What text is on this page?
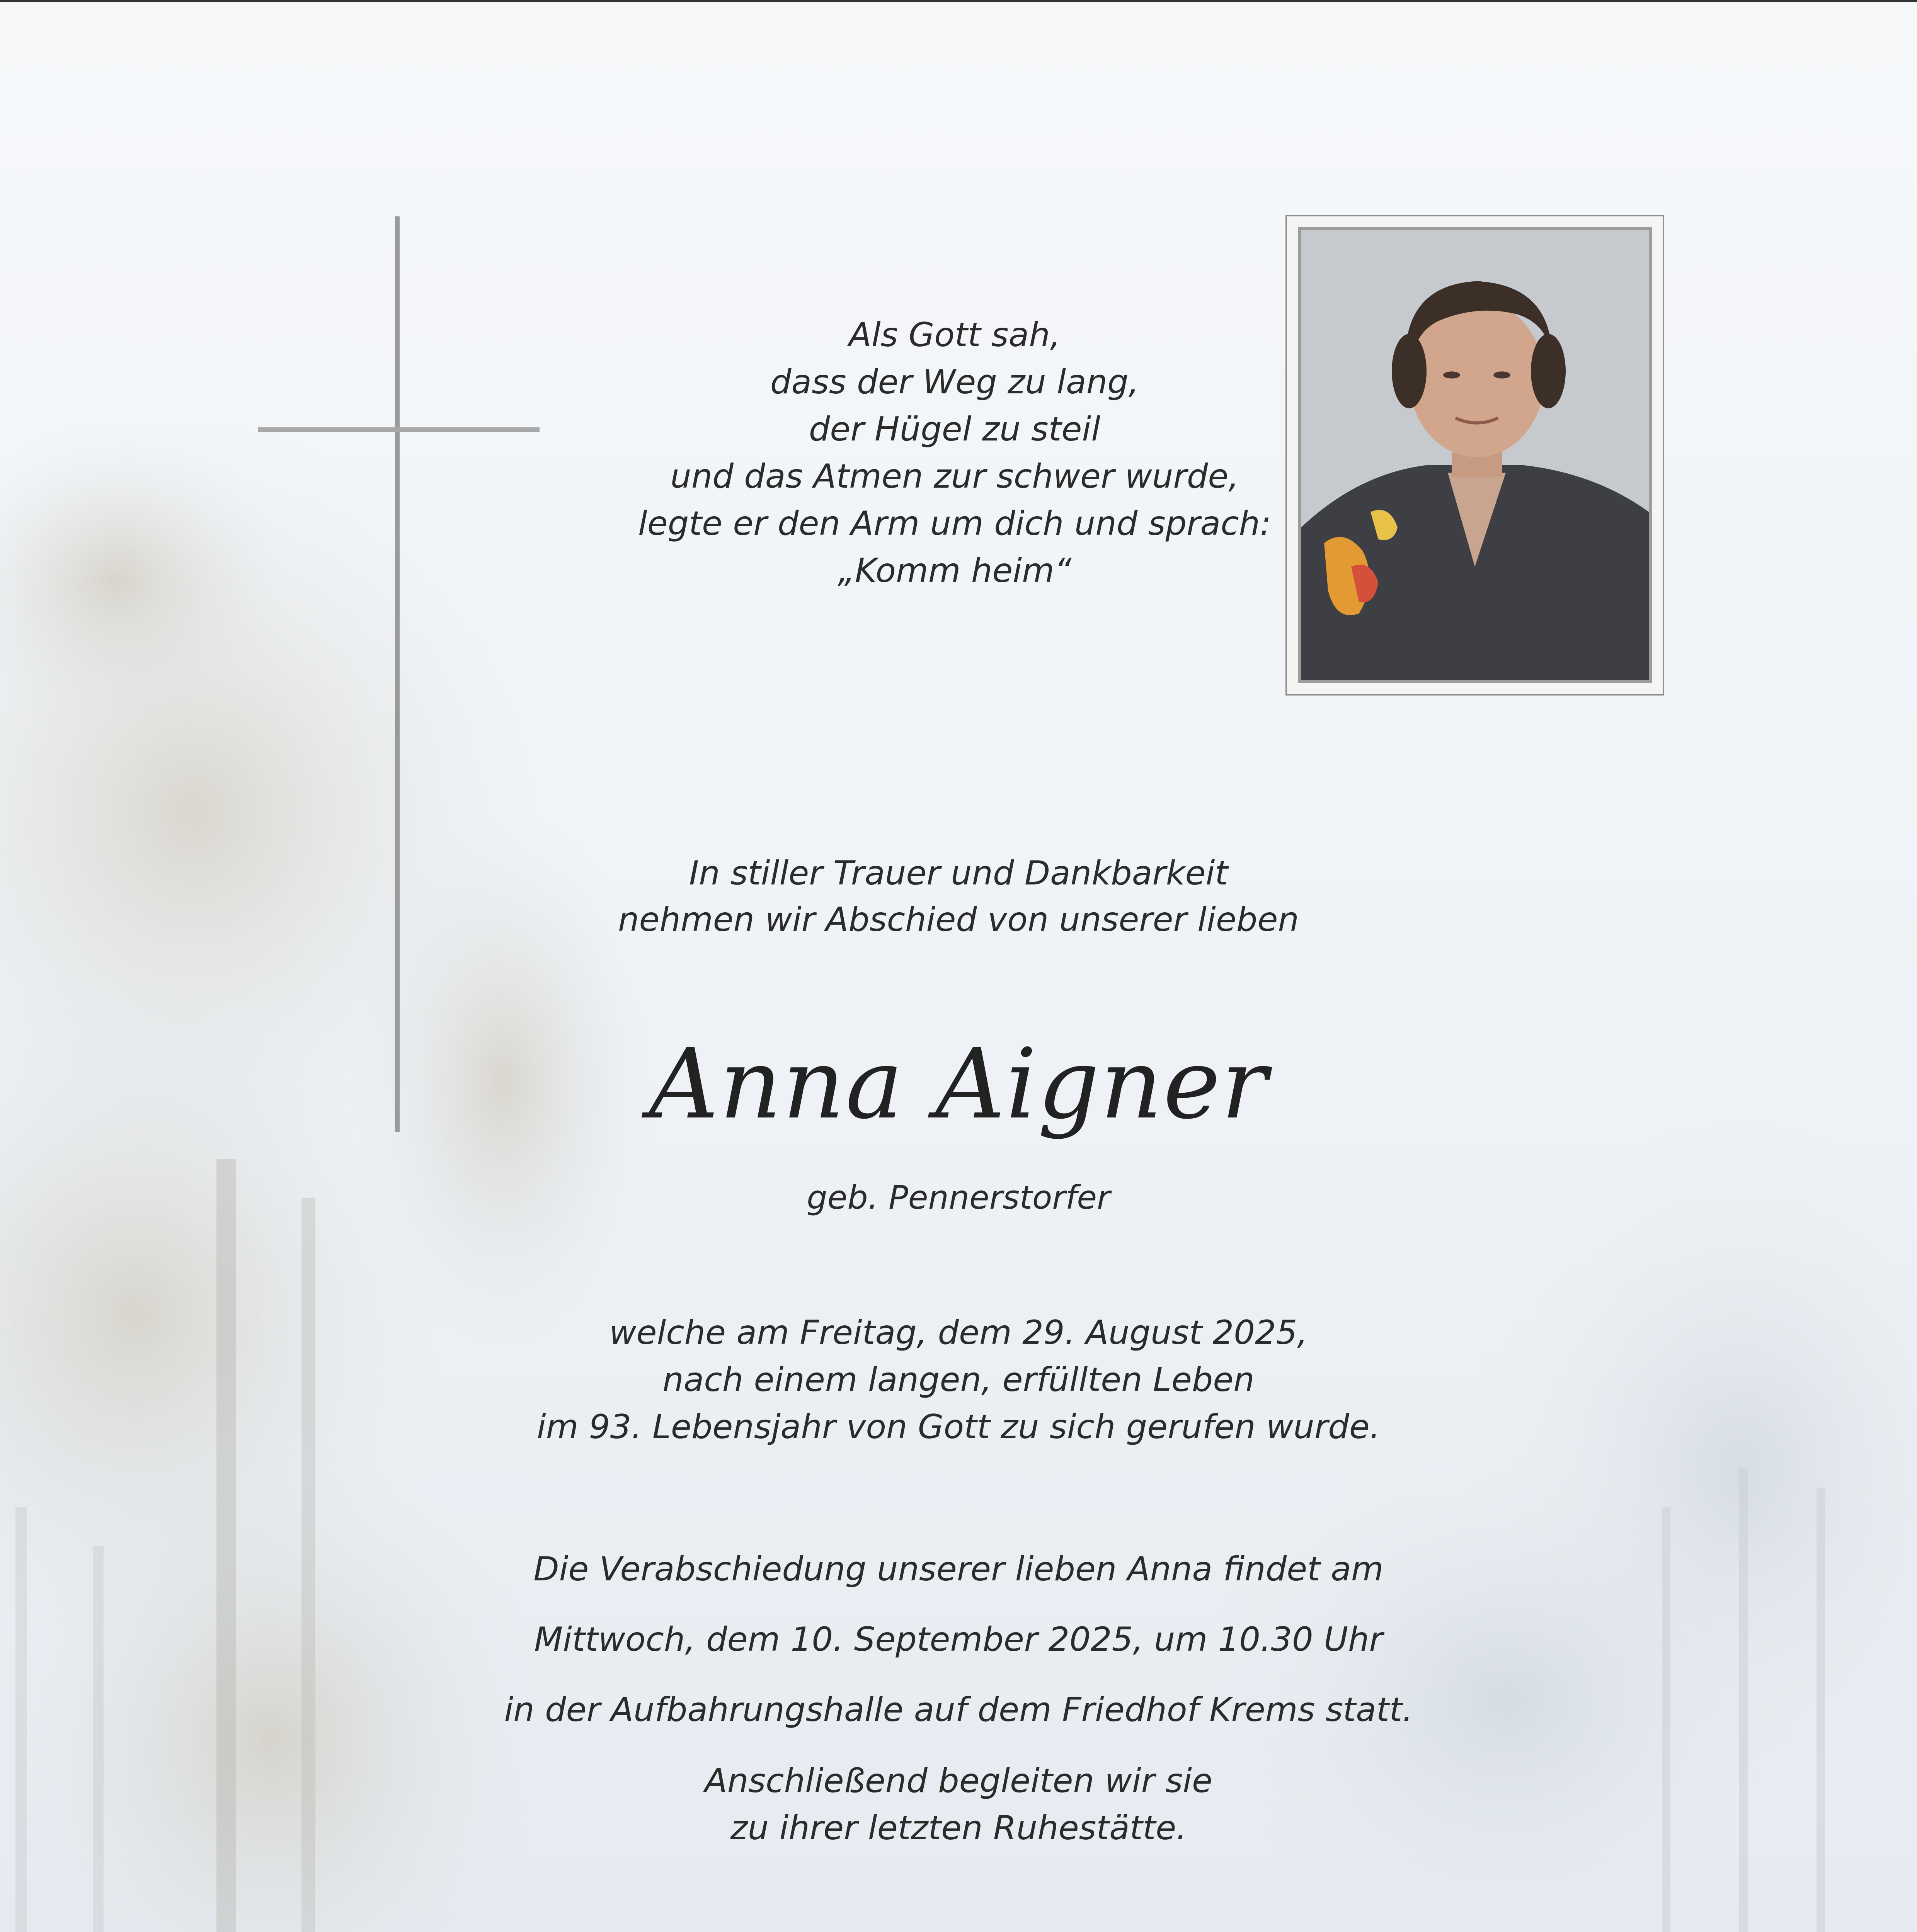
Als Gott sah,

dass der Weg zu lang,

der Hügel zu steil

und das Atmen zur schwer wurde,

legte er den Arm um dich und sprach:

„Komm heim“

In stiller Trauer und Dankbarkeit

nehmen wir Abschied von unserer lieben

Anna Aigner

geb. Pennerstorfer

welche am Freitag, dem 29. August 2025,

nach einem langen, erfüllten Leben

im 93. Lebensjahr von Gott zu sich gerufen wurde.

Die Verabschiedung unserer lieben Anna findet am

Mittwoch, dem 10. September 2025, um 10.30 Uhr

in der Aufbahrungshalle auf dem Friedhof Krems statt.

Anschließend begleiten wir sie

zu ihrer letzten Ruhestätte.
